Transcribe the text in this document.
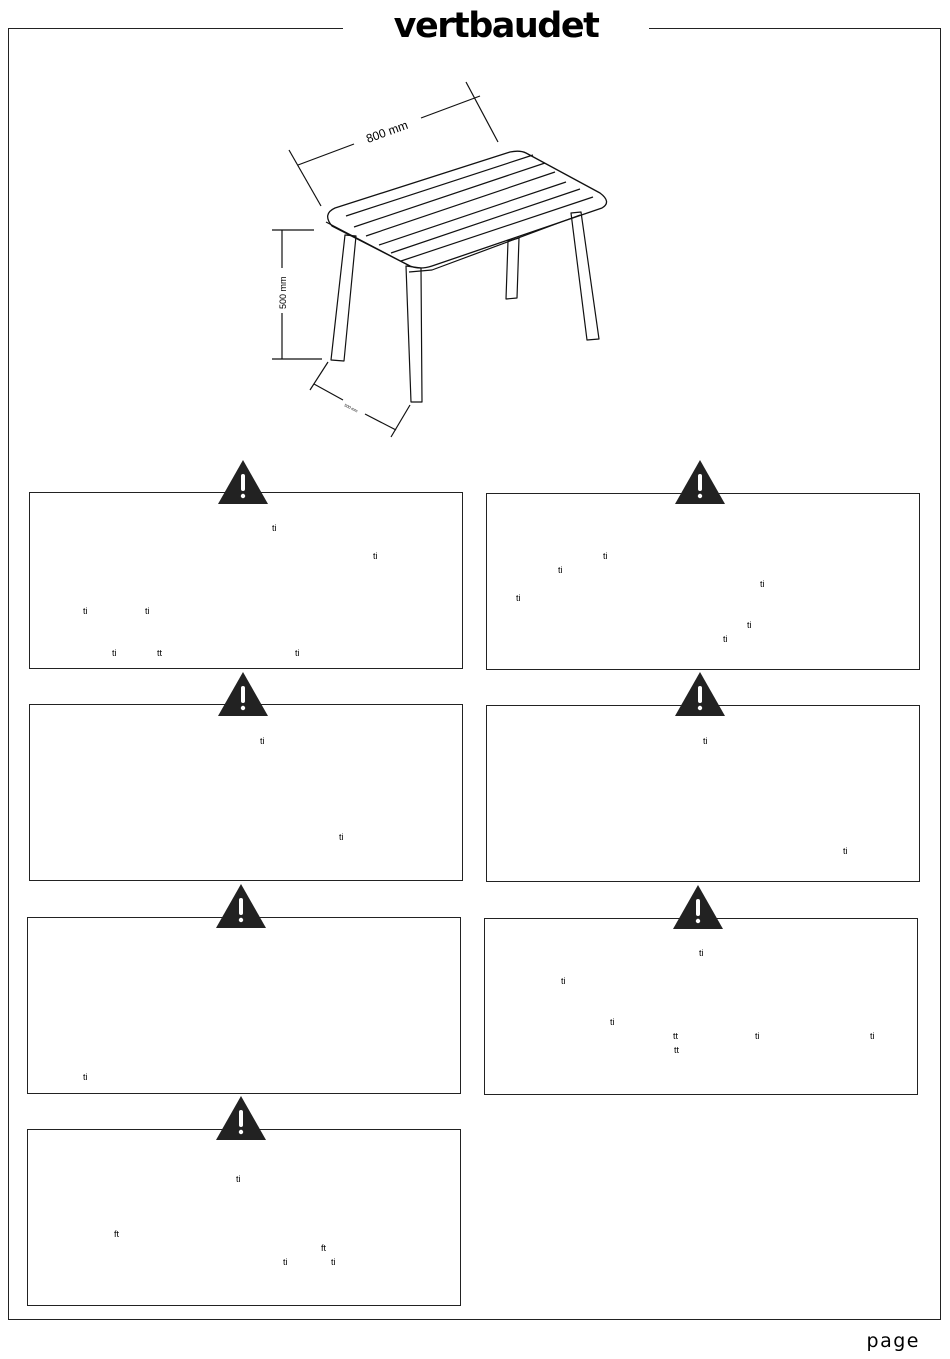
vertbaudet
800 mm
500 mm
500 mm
ti
ti
ti	ti
ti	tt	ti
ti
ti
ti
ti
ti
ti
ti
ti
ti
ti
ti
ti
ti
ti
tt	ti	ti
tt
ti
ft
ft
ti	ti
page
